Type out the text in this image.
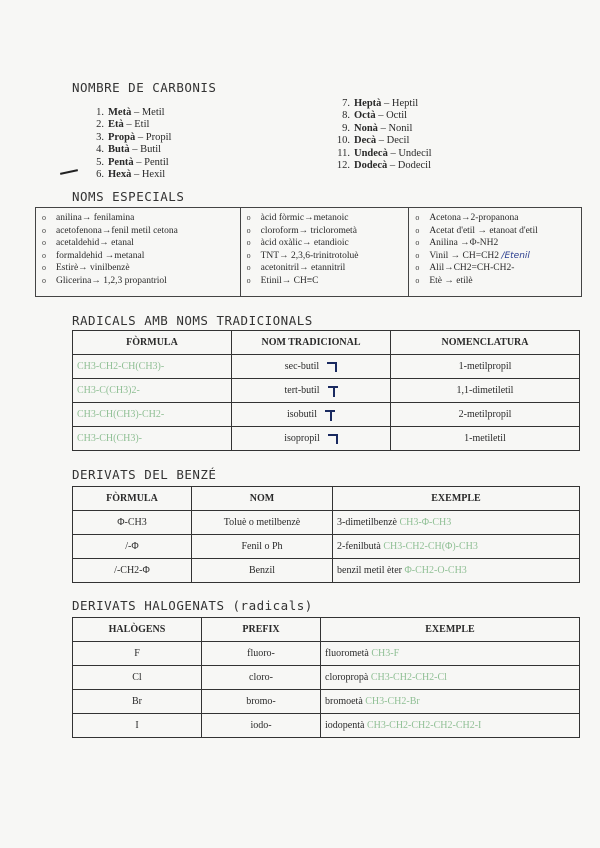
NOMBRE DE CARBONIS
1. Metà – Metil
2. Età – Etil
3. Propà – Propil
4. Butà – Butil
5. Pentà – Pentil
6. Hexà – Hexil
7. Heptà – Heptil
8. Octà – Octil
9. Nonà – Nonil
10. Decà – Decil
11. Undecà – Undecil
12. Dodecà – Dodecil
NOMS ESPECIALS
o anilina→ fenilamina
o acetofenona→fenil metil cetona
o acetaldehid→ etanal
o formaldehid →metanal
o Estirè→ vinilbenzè
o Glicerina→ 1,2,3 propantriol
o àcid fòrmic→metanoic
o cloroform→ triclorometà
o àcid oxàlic→ etandioic
o TNT→ 2,3,6-trinitrotoluè
o acetonitril→ etannitril
o Etinil→ CH≡C
o Acetona→2-propanona
o Acetat d'etil → etanoat d'etil
o Anilina →Φ-NH2
o Vinil → CH=CH2 /Etenil
o Alil→CH2=CH-CH2-
o Etè → etilè
RADICALS AMB NOMS TRADICIONALS
FÒRMULA	NOM TRADICIONAL	NOMENCLATURA
CH3-CH2-CH(CH3)-	sec-butil	1-metilpropil
CH3-C(CH3)2-	tert-butil	1,1-dimetiletil
CH3-CH(CH3)-CH2-	isobutil	2-metilpropil
CH3-CH(CH3)-	isopropil	1-metiletil
DERIVATS DEL BENZÉ
FÒRMULA	NOM	EXEMPLE
Φ-CH3	Toluè o metilbenzè	3-dimetilbenzè CH3-Φ-CH3
/-Φ	Fenil o Ph	2-fenilbutà CH3-CH2-CH(Φ)-CH3
/-CH2-Φ	Benzil	benzil metil èter Φ-CH2-O-CH3
DERIVATS HALOGENATS (radicals)
HALÒGENS	PREFIX	EXEMPLE
F	fluoro-	fluorometà CH3-F
Cl	cloro-	cloropropà CH3-CH2-CH2-Cl
Br	bromo-	bromoetà CH3-CH2-Br
I	iodo-	iodopentà CH3-CH2-CH2-CH2-CH2-I
